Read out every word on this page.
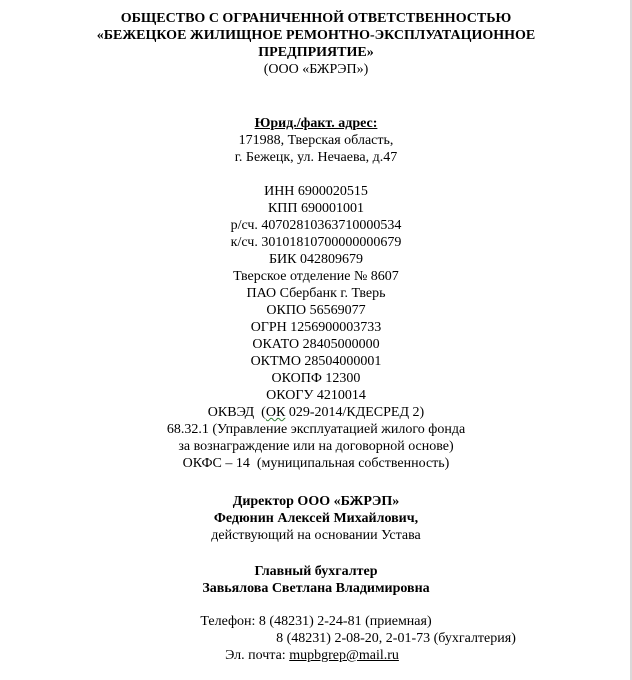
ОБЩЕСТВО С ОГРАНИЧЕННОЙ ОТВЕТСТВЕННОСТЬЮ
«БЕЖЕЦКОЕ ЖИЛИЩНОЕ РЕМОНТНО-ЭКСПЛУАТАЦИОННОЕ
ПРЕДПРИЯТИЕ»
(ООО «БЖРЭП»)
Юрид./факт. адрес:
171988, Тверская область,
г. Бежецк, ул. Нечаева, д.47
ИНН 6900020515
КПП 690001001
р/сч. 40702810363710000534
к/сч. 30101810700000000679
БИК 042809679
Тверское отделение № 8607
ПАО Сбербанк г. Тверь
ОКПО 56569077
ОГРН 1256900003733
ОКАТО 28405000000
ОКТМО 28504000001
ОКОПФ 12300
ОКОГУ 4210014
ОКВЭД  (ОК 029-2014/КДЕСРЕД 2)
68.32.1 (Управление эксплуатацией жилого фонда
за вознаграждение или на договорной основе)
ОКФС – 14  (муниципальная собственность)
Директор ООО «БЖРЭП»
Федюнин Алексей Михайлович,
действующий на основании Устава
Главный бухгалтер
Завьялова Светлана Владимировна
Телефон: 8 (48231) 2-24-81 (приемная)
8 (48231) 2-08-20, 2-01-73 (бухгалтерия)
Эл. почта: mupbgrep@mail.ru
